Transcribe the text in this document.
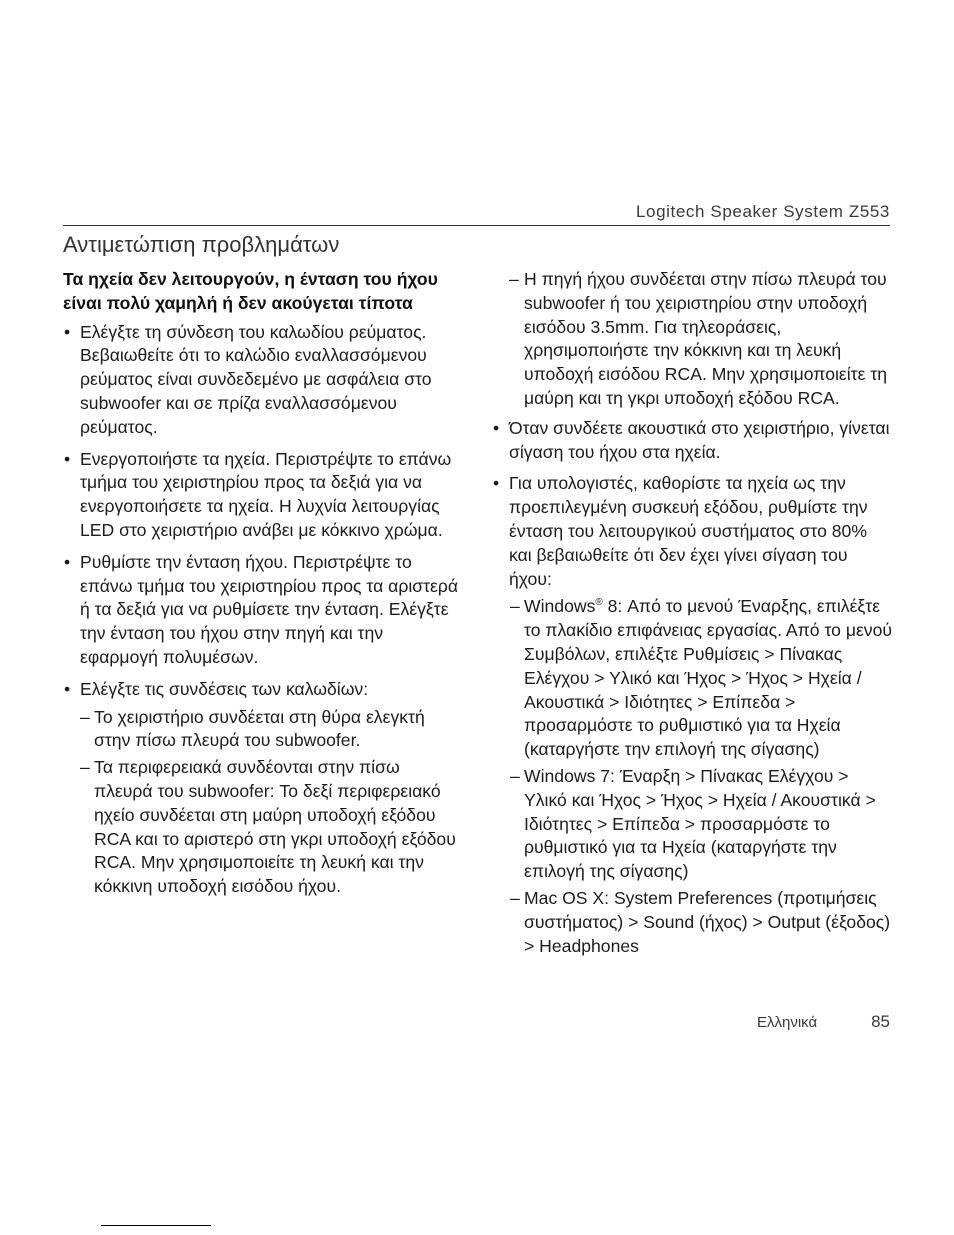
Logitech Speaker System Z553
Αντιμετώπιση προβλημάτων

Τα ηχεία δεν λειτουργούν, η ένταση του ήχου είναι πολύ χαμηλή ή δεν ακούγεται τίποτα

• Ελέγξτε τη σύνδεση του καλωδίου ρεύματος. Βεβαιωθείτε ότι το καλώδιο εναλλασσόμενου ρεύματος είναι συνδεδεμένο με ασφάλεια στο subwoofer και σε πρίζα εναλλασσόμενου ρεύματος.
• Ενεργοποιήστε τα ηχεία. Περιστρέψτε το επάνω τμήμα του χειριστηρίου προς τα δεξιά για να ενεργοποιήσετε τα ηχεία. Η λυχνία λειτουργίας LED στο χειριστήριο ανάβει με κόκκινο χρώμα.
• Ρυθμίστε την ένταση ήχου. Περιστρέψτε το επάνω τμήμα του χειριστηρίου προς τα αριστερά ή τα δεξιά για να ρυθμίσετε την ένταση. Ελέγξτε την ένταση του ήχου στην πηγή και την εφαρμογή πολυμέσων.
• Ελέγξτε τις συνδέσεις των καλωδίων:
– Το χειριστήριο συνδέεται στη θύρα ελεγκτή στην πίσω πλευρά του subwoofer.
– Τα περιφερειακά συνδέονται στην πίσω πλευρά του subwoofer: Το δεξί περιφερειακό ηχείο συνδέεται στη μαύρη υποδοχή εξόδου RCA και το αριστερό στη γκρι υποδοχή εξόδου RCA. Μην χρησιμοποιείτε τη λευκή και την κόκκινη υποδοχή εισόδου ήχου.
– Η πηγή ήχου συνδέεται στην πίσω πλευρά του subwoofer ή του χειριστηρίου στην υποδοχή εισόδου 3.5mm. Για τηλεοράσεις, χρησιμοποιήστε την κόκκινη και τη λευκή υποδοχή εισόδου RCA. Μην χρησιμοποιείτε τη μαύρη και τη γκρι υποδοχή εξόδου RCA.
• Όταν συνδέετε ακουστικά στο χειριστήριο, γίνεται σίγαση του ήχου στα ηχεία.
• Για υπολογιστές, καθορίστε τα ηχεία ως την προεπιλεγμένη συσκευή εξόδου, ρυθμίστε την ένταση του λειτουργικού συστήματος στο 80% και βεβαιωθείτε ότι δεν έχει γίνει σίγαση του ήχου:
– Windows® 8: Από το μενού Έναρξης, επιλέξτε το πλακίδιο επιφάνειας εργασίας. Από το μενού Συμβόλων, επιλέξτε Ρυθμίσεις > Πίνακας Ελέγχου > Υλικό και Ήχος > Ήχος > Ηχεία / Ακουστικά > Ιδιότητες > Επίπεδα > προσαρμόστε το ρυθμιστικό για τα Ηχεία (καταργήστε την επιλογή της σίγασης)
– Windows 7: Έναρξη > Πίνακας Ελέγχου > Υλικό και Ήχος > Ήχος > Ηχεία / Ακουστικά > Ιδιότητες > Επίπεδα > προσαρμόστε το ρυθμιστικό για τα Ηχεία (καταργήστε την επιλογή της σίγασης)
– Mac OS X: System Preferences (προτιμήσεις συστήματος) > Sound (ήχος) > Output (έξοδος) > Headphones
Ελληνικά	85
